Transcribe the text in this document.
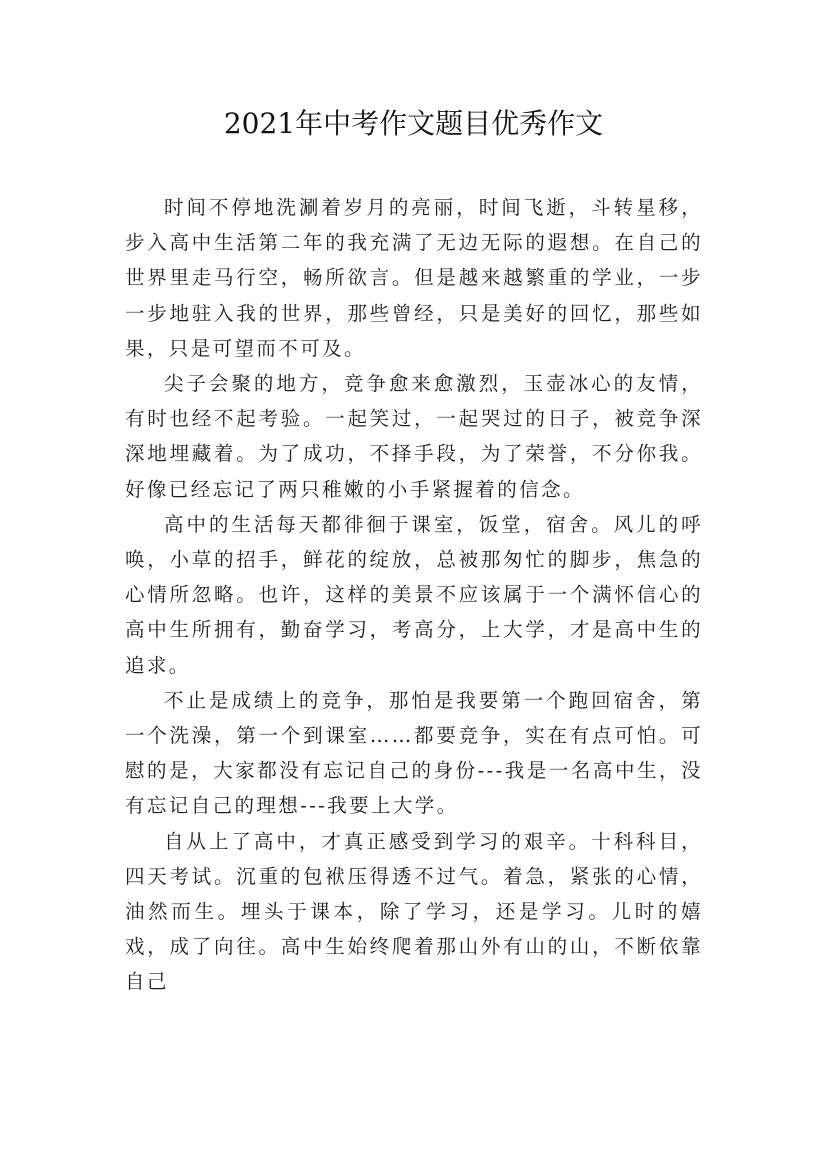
2021年中考作文题目优秀作文

时间不停地洗涮着岁月的亮丽，时间飞逝，斗转星移，步入高中生活第二年的我充满了无边无际的遐想。在自己的世界里走马行空，畅所欲言。但是越来越繁重的学业，一步一步地驻入我的世界，那些曾经，只是美好的回忆，那些如果，只是可望而不可及。

尖子会聚的地方，竞争愈来愈激烈，玉壶冰心的友情，有时也经不起考验。一起笑过，一起哭过的日子，被竞争深深地埋藏着。为了成功，不择手段，为了荣誉，不分你我。好像已经忘记了两只稚嫩的小手紧握着的信念。

高中的生活每天都徘徊于课室，饭堂，宿舍。风儿的呼唤，小草的招手，鲜花的绽放，总被那匆忙的脚步，焦急的心情所忽略。也许，这样的美景不应该属于一个满怀信心的高中生所拥有，勤奋学习，考高分，上大学，才是高中生的追求。

不止是成绩上的竞争，那怕是我要第一个跑回宿舍，第一个洗澡，第一个到课室……都要竞争，实在有点可怕。可慰的是，大家都没有忘记自己的身份---我是一名高中生，没有忘记自己的理想---我要上大学。

自从上了高中，才真正感受到学习的艰辛。十科科目，四天考试。沉重的包袱压得透不过气。着急，紧张的心情，油然而生。埋头于课本，除了学习，还是学习。儿时的嬉戏，成了向往。高中生始终爬着那山外有山的山，不断依靠自己
